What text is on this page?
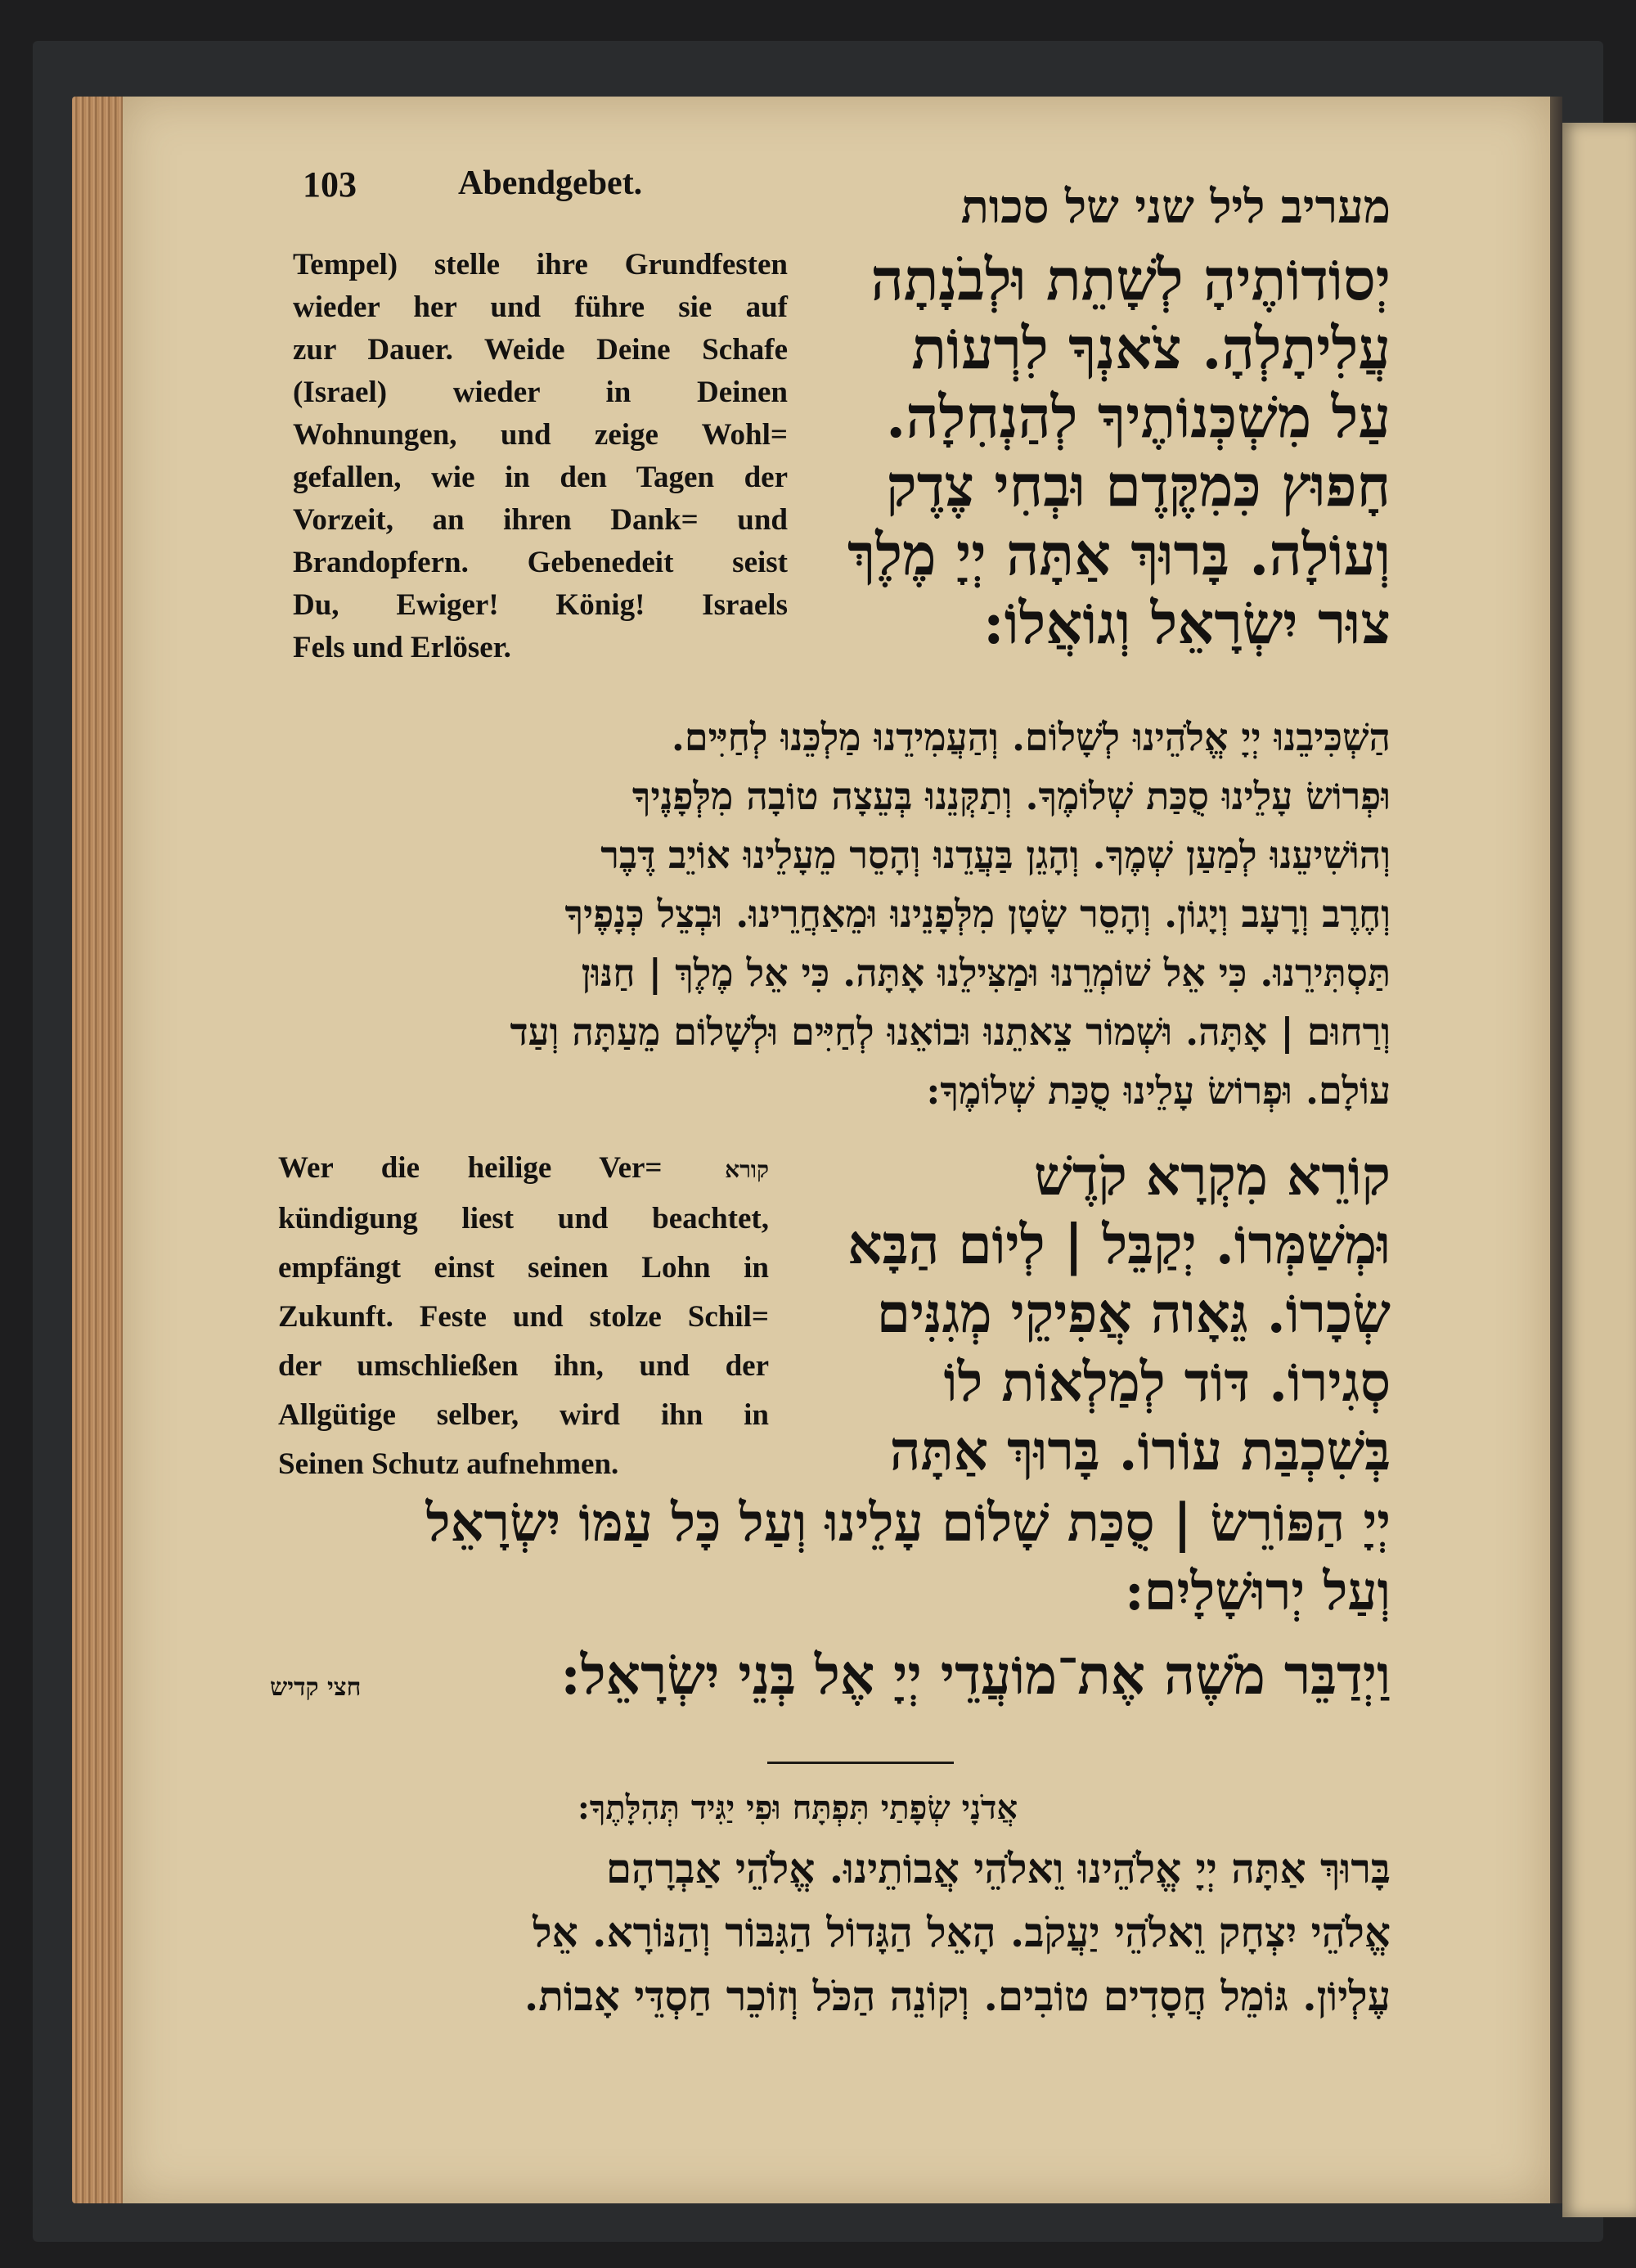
103	Abendgebet.	מעריב ליל שני של סכות
Tempel) stelle ihre Grundfesten
wieder her und führe sie auf
zur Dauer. Weide Deine Schafe
(Israel) wieder in Deinen
Wohnungen, und zeige Wohl=
gefallen, wie in den Tagen der
Vorzeit, an ihren Dank= und
Brandopfern. Gebenedeit seist
Du, Ewiger! König! Israels
Fels und Erlöser.
יְסוֹדוֹתֶיהָ לְשָׁתֵת וּלְבֹנָתָה
עֲלִיתָלְהָ. צֹאנְךָ לִרְעוֹת
עַל מִשְׁכְּנוֹתֶיךָ לְהַנְחִלָה.
חָפוּץ כִּמִקֶּדֶם וּבְחִי צֶדֶק
וְעוֹלָה. בָּרוּךְ אַתָּה יְיָ מֶלֶךְ
צוּר יִשְׂרָאֵל וְגוֹאֲלוֹ:
הַשְׁכִּיבֵנוּ יְיָ אֱלֹהֵינוּ לְשָׁלוֹם. וְהַעֲמִידֵנוּ מַלְכֵּנוּ לְחַיִּים.
וּפְרוֹשׂ עָלֵינוּ סֻכַּת שְׁלוֹמֶךָ. וְתַקְּנֵנוּ בְּעֵצָה טוֹבָה מִלְּפָנֶיךָ
וְהוֹשִׁיעֵנוּ לְמַעַן שְׁמֶךָ. וְהָגֵן בַּעֲדֵנוּ וְהָסֵר מֵעָלֵינוּ אוֹיֵב דֶּבֶר
וְחֶרֶב וְרָעָב וְיָגוֹן. וְהָסֵר שָׂטָן מִלְּפָנֵינוּ וּמֵאַחֲרֵינוּ. וּבְצֵל כְּנָפֶיךָ
תַּסְתִּירֵנוּ. כִּי אֵל שׁוֹמְרֵנוּ וּמַצִּילֵנוּ אָתָּה. כִּי אֵל מֶלֶךְ | חַנּוּן
וְרַחוּם | אָתָּה. וּשְׁמוֹר צֵאתֵנוּ וּבוֹאֵנוּ לְחַיִּים וּלְשָׁלוֹם מֵעַתָּה וְעַד
עוֹלָם. וּפְרוֹשׂ עָלֵינוּ סֻכַּת שְׁלוֹמֶךָ:
Wer die heilige Ver=	קורא
kündigung liest und beachtet,
empfängt einst seinen Lohn in
Zukunft. Feste und stolze Schil=
der umschließen ihn, und der
Allgütige selber, wird ihn in
Seinen Schutz aufnehmen.
קוֹרֵא מִקְרָא קֹדֶשׁ
וּמְשַׁמְּרוֹ. יְקַבֵּל | לְיוֹם הַבָּא
שְׂכָרוֹ. גֵּאָוה אֲפִיקֵי מְגִנִּים
סְגִירוֹ. דּוֹד לְמַלְאוֹת לוֹ
בְּשִׁכְבַּת עוֹרוֹ. בָּרוּךְ אַתָּה
יְיָ הַפּוֹרֵשׂ | סֻכַּת שָׁלוֹם עָלֵינוּ וְעַל כָּל עַמּוֹ יִשְׂרָאֵל
וְעַל יְרוּשָׁלָיִם:
וַיְדַבֵּר מֹשֶׁה אֶת־מוֹעֲדֵי יְיָ אֶל בְּנֵי יִשְׂרָאֵל:
חצי קדיש
אֲדֹנָי שְׂפָתַי תִּפְתָּח וּפִי יַגִּיד תְּהִלָּתֶךָ:
בָּרוּךְ אַתָּה יְיָ אֱלֹהֵינוּ וֵאלֹהֵי אֲבוֹתֵינוּ. אֱלֹהֵי אַבְרָהָם
אֱלֹהֵי יִצְחָק וֵאלֹהֵי יַעֲקֹב. הָאֵל הַגָּדוֹל הַגִּבּוֹר וְהַנּוֹרָא. אֵל
עֶלְיוֹן. גּוֹמֵל חֲסָדִים טוֹבִים. וְקוֹנֵה הַכֹּל וְזוֹכֵר חַסְדֵּי אָבוֹת.
